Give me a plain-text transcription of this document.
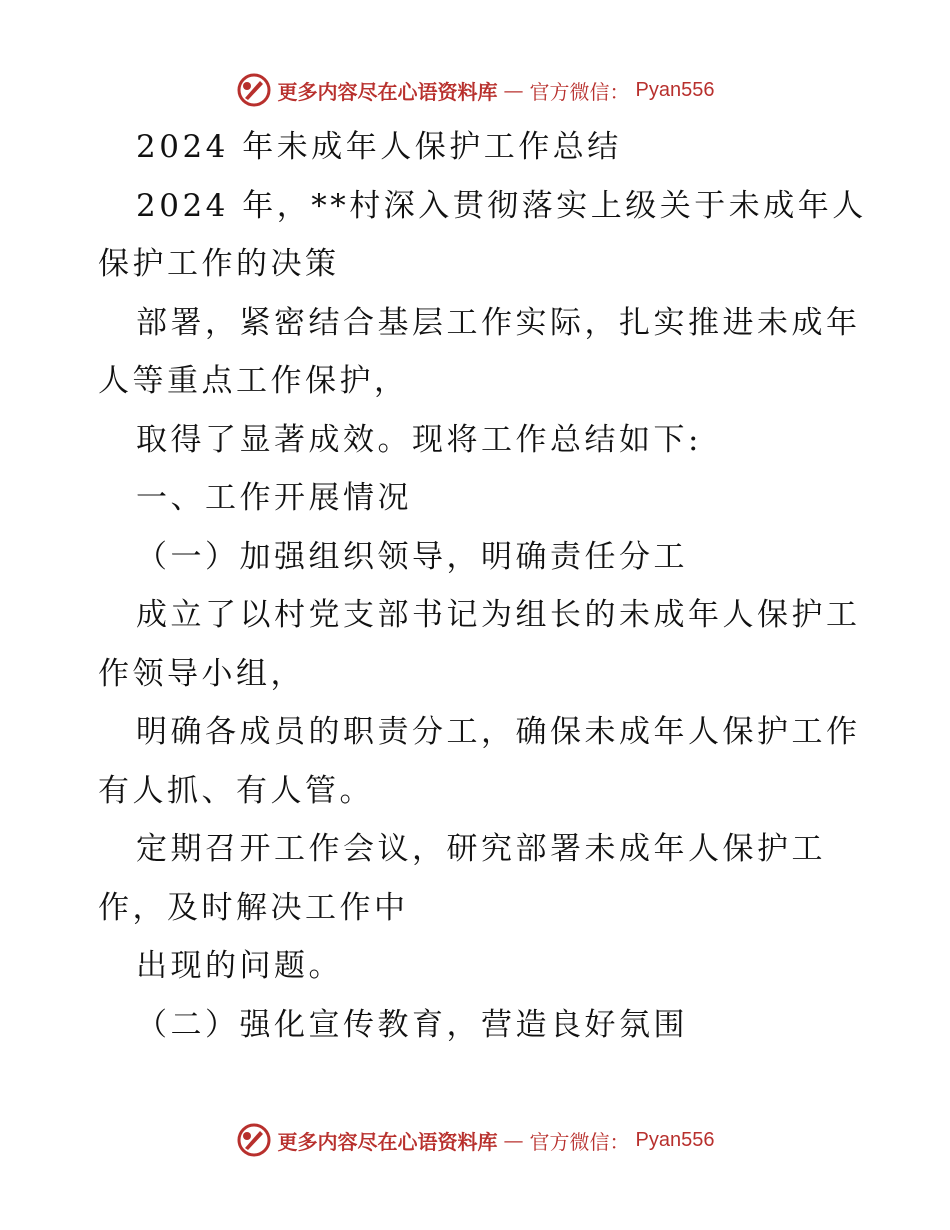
更多内容尽在心语资料库 — 官方微信： Pyan556
2024 年未成年人保护工作总结
2024 年，**村深入贯彻落实上级关于未成年人
保护工作的决策
部署，紧密结合基层工作实际，扎实推进未成年
人等重点工作保护，
取得了显著成效。现将工作总结如下:
一、工作开展情况
（一）加强组织领导，明确责任分工
成立了以村党支部书记为组长的未成年人保护工
作领导小组，
明确各成员的职责分工，确保未成年人保护工作
有人抓、有人管。
定期召开工作会议，研究部署未成年人保护工
作，及时解决工作中
出现的问题。
（二）强化宣传教育，营造良好氛围
更多内容尽在心语资料库 — 官方微信： Pyan556
